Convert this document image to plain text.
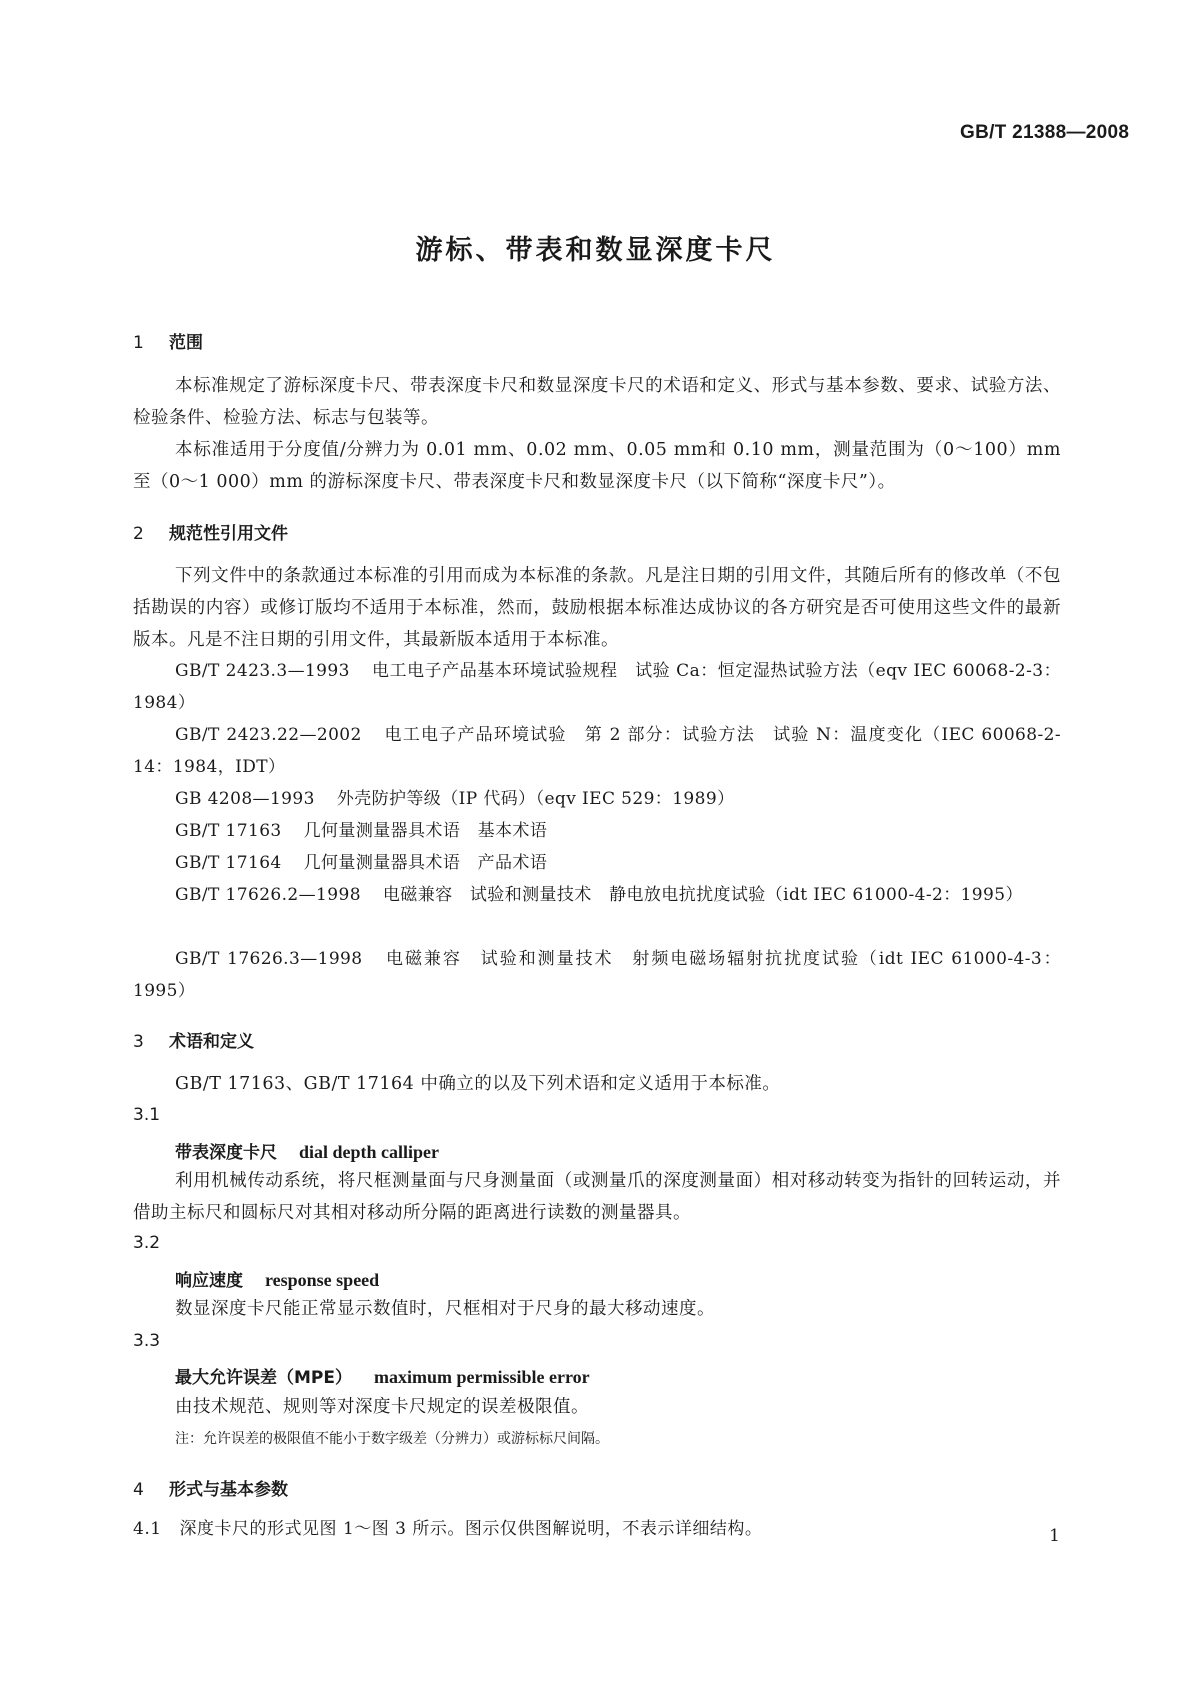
GB/T 21388—2008
游标、带表和数显深度卡尺
1 范围
本标准规定了游标深度卡尺、带表深度卡尺和数显深度卡尺的术语和定义、形式与基本参数、要求、试验方法、检验条件、检验方法、标志与包装等。
本标准适用于分度值/分辨力为 0.01 mm、0.02 mm、0.05 mm和 0.10 mm，测量范围为（0～100）mm至（0～1 000）mm 的游标深度卡尺、带表深度卡尺和数显深度卡尺（以下简称“深度卡尺”）。
2 规范性引用文件
下列文件中的条款通过本标准的引用而成为本标准的条款。凡是注日期的引用文件，其随后所有的修改单（不包括勘误的内容）或修订版均不适用于本标准，然而，鼓励根据本标准达成协议的各方研究是否可使用这些文件的最新版本。凡是不注日期的引用文件，其最新版本适用于本标准。
GB/T 2423.3—1993 电工电子产品基本环境试验规程　试验 Ca：恒定湿热试验方法（eqv IEC 60068-2-3：1984）
GB/T 2423.22—2002 电工电子产品环境试验　第 2 部分：试验方法　试验 N：温度变化（IEC 60068-2-14：1984，IDT）
GB 4208—1993 外壳防护等级（IP 代码）（eqv IEC 529：1989）
GB/T 17163 几何量测量器具术语　基本术语
GB/T 17164 几何量测量器具术语　产品术语
GB/T 17626.2—1998 电磁兼容　试验和测量技术　静电放电抗扰度试验（idt IEC 61000-4-2：1995）
GB/T 17626.3—1998 电磁兼容　试验和测量技术　射频电磁场辐射抗扰度试验（idt IEC 61000-4-3：1995）
3 术语和定义
GB/T 17163、GB/T 17164 中确立的以及下列术语和定义适用于本标准。
3.1
带表深度卡尺 dial depth calliper
利用机械传动系统，将尺框测量面与尺身测量面（或测量爪的深度测量面）相对移动转变为指针的回转运动，并借助主标尺和圆标尺对其相对移动所分隔的距离进行读数的测量器具。
3.2
响应速度 response speed
数显深度卡尺能正常显示数值时，尺框相对于尺身的最大移动速度。
3.3
最大允许误差（MPE） maximum permissible error
由技术规范、规则等对深度卡尺规定的误差极限值。
注：允许误差的极限值不能小于数字级差（分辨力）或游标标尺间隔。
4 形式与基本参数
4.1 深度卡尺的形式见图 1～图 3 所示。图示仅供图解说明，不表示详细结构。	1
